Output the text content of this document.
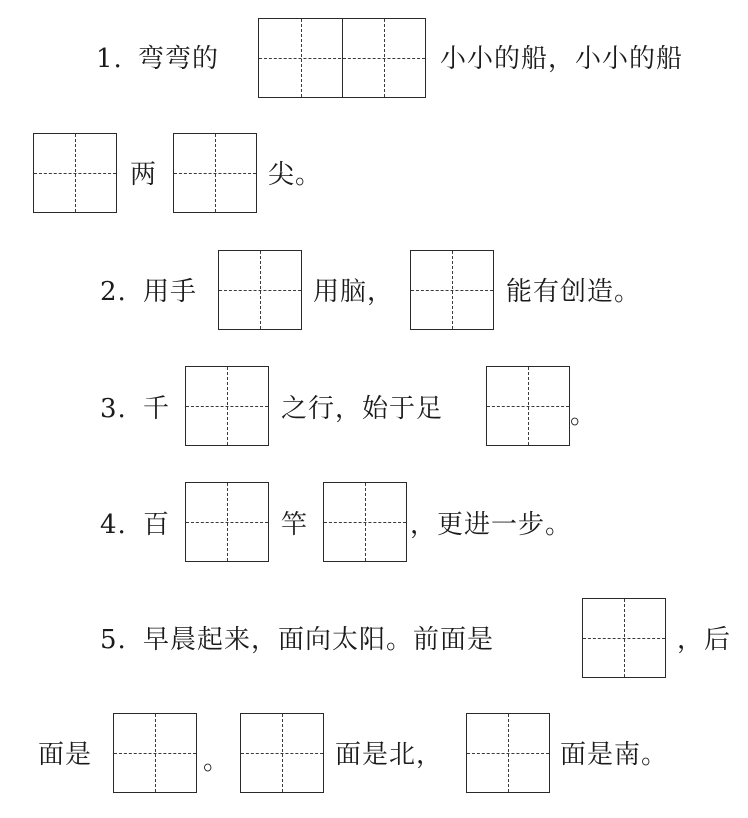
1. 弯弯的	小小的船，小小的船
两	尖。
2. 用手	用脑，	能有创造。
3. 千	之行，始于足	。
4. 百	竿	，更进一步。
5. 早晨起来，面向太阳。前面是	，后
面是	。	面是北，	面是南。
